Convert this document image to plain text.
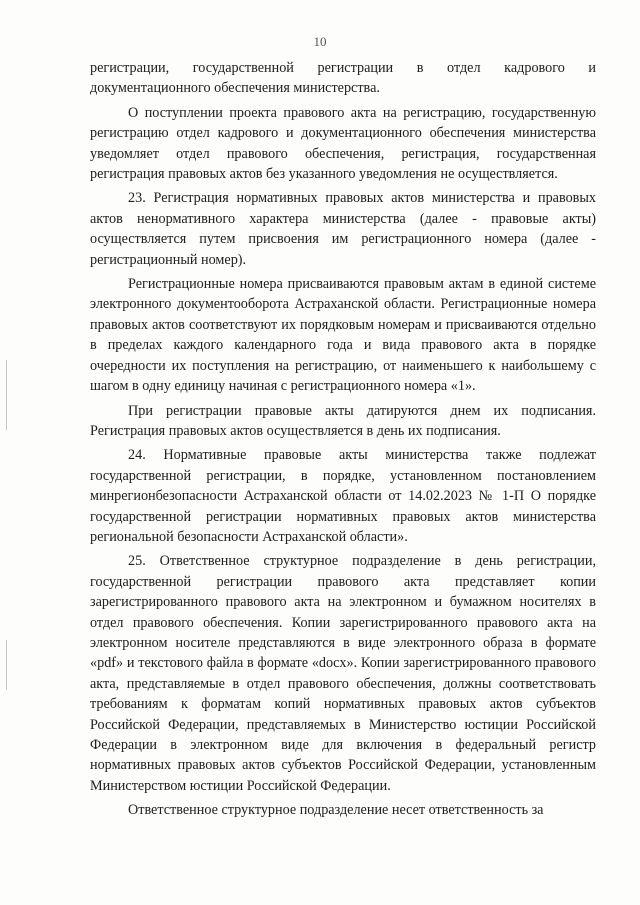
10

регистрации, государственной регистрации в отдел кадрового и документационного обеспечения министерства.

О поступлении проекта правового акта на регистрацию, государственную регистрацию отдел кадрового и документационного обеспечения министерства уведомляет отдел правового обеспечения, регистрация, государственная регистрация правовых актов без указанного уведомления не осуществляется.

23. Регистрация нормативных правовых актов министерства и правовых актов ненормативного характера министерства (далее - правовые акты) осуществляется путем присвоения им регистрационного номера (далее - регистрационный номер).

Регистрационные номера присваиваются правовым актам в единой системе электронного документооборота Астраханской области. Регистрационные номера правовых актов соответствуют их порядковым номерам и присваиваются отдельно в пределах каждого календарного года и вида правового акта в порядке очередности их поступления на регистрацию, от наименьшего к наибольшему с шагом в одну единицу начиная с регистрационного номера «1».

При регистрации правовые акты датируются днем их подписания. Регистрация правовых актов осуществляется в день их подписания.

24. Нормативные правовые акты министерства также подлежат государственной регистрации, в порядке, установленном постановлением минрегионбезопасности Астраханской области от 14.02.2023 № 1-П О порядке государственной регистрации нормативных правовых актов министерства региональной безопасности Астраханской области».

25. Ответственное структурное подразделение в день регистрации, государственной регистрации правового акта представляет копии зарегистрированного правового акта на электронном и бумажном носителях в отдел правового обеспечения. Копии зарегистрированного правового акта на электронном носителе представляются в виде электронного образа в формате «pdf» и текстового файла в формате «docx». Копии зарегистрированного правового акта, представляемые в отдел правового обеспечения, должны соответствовать требованиям к форматам копий нормативных правовых актов субъектов Российской Федерации, представляемых в Министерство юстиции Российской Федерации в электронном виде для включения в федеральный регистр нормативных правовых актов субъектов Российской Федерации, установленным Министерством юстиции Российской Федерации.

Ответственное структурное подразделение несет ответственность за
